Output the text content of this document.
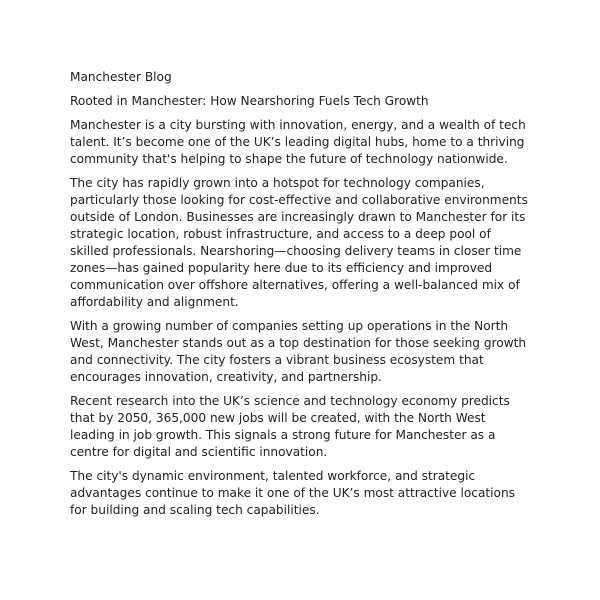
Manchester Blog

Rooted in Manchester: How Nearshoring Fuels Tech Growth

Manchester is a city bursting with innovation, energy, and a wealth of tech talent. It’s become one of the UK’s leading digital hubs, home to a thriving community that's helping to shape the future of technology nationwide.

The city has rapidly grown into a hotspot for technology companies, particularly those looking for cost-effective and collaborative environments outside of London. Businesses are increasingly drawn to Manchester for its strategic location, robust infrastructure, and access to a deep pool of skilled professionals. Nearshoring—choosing delivery teams in closer time zones—has gained popularity here due to its efficiency and improved communication over offshore alternatives, offering a well-balanced mix of affordability and alignment.

With a growing number of companies setting up operations in the North West, Manchester stands out as a top destination for those seeking growth and connectivity. The city fosters a vibrant business ecosystem that encourages innovation, creativity, and partnership.

Recent research into the UK’s science and technology economy predicts that by 2050, 365,000 new jobs will be created, with the North West leading in job growth. This signals a strong future for Manchester as a centre for digital and scientific innovation.

The city's dynamic environment, talented workforce, and strategic advantages continue to make it one of the UK’s most attractive locations for building and scaling tech capabilities.
